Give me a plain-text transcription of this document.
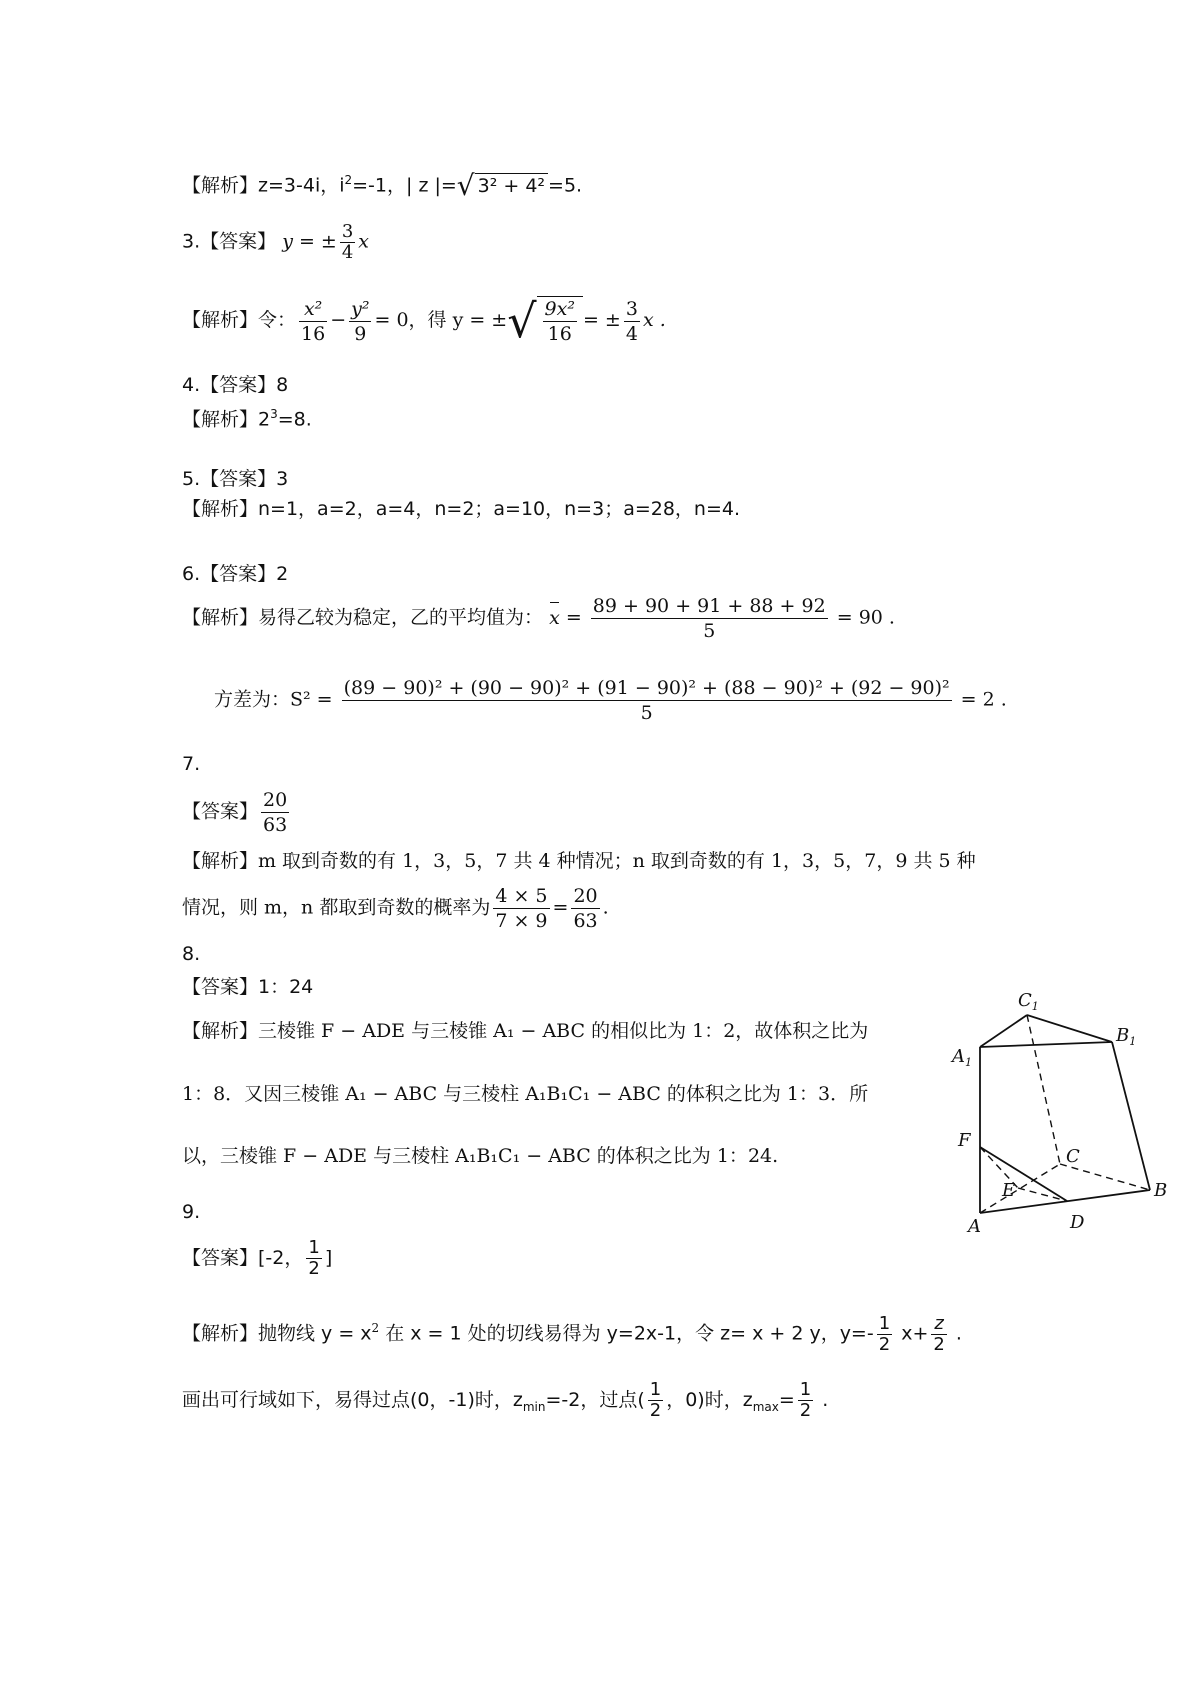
【解析】z=3-4i，$i^2=-1$，| z |=√ 3² + 4² =5.
3.【答案】 y = ± $\frac{3}{4}$ x
【解析】令： $\frac{\text{x²}}{16} - \frac{\text{y²}}{9} = 0$，得 y = ±√ $\frac{\text{9x²}}{16}$ = ± $\frac{3}{4}$ x .
4.【答案】8
【解析】$2^3=8$.
5.【答案】3
【解析】n=1，a=2，a=4，n=2；a=10，n=3；a=28，n=4.
6.【答案】2
【解析】易得乙较为稳定，乙的平均值为： $x = \frac{89 + 90 + 91 + 88 + 92}{5} = 90$ .
方差为：S² =
(89 − 90)² + (90 − 90)² + (91 − 90)² + (88 − 90)² + (92 − 90)²
5
= 2 .
7.
【答案】 $\frac{20}{63}$
【解析】m 取到奇数的有 1，3，5，7 共 4 种情况；n 取到奇数的有 1，3，5，7，9 共 5 种
情况，则 m，n 都取到奇数的概率为 $\frac{4 \times 5}{7 \times 9} = \frac{20}{63}$ .
8.
【答案】1：24
【解析】三棱锥 F − ADE 与三棱锥 A₁ − ABC 的相似比为 1：2，故体积之比为
1：8．又因三棱锥 A₁ − ABC 与三棱柱 A₁B₁C₁ − ABC 的体积之比为 1：3．所
以，三棱锥 F − ADE 与三棱柱 A₁B₁C₁ − ABC 的体积之比为 1：24.
$C_1$
$B_1$
$A_1$
F
C
E	B
A	D
9.
【答案】[-2， $\frac{1}{2}$ ]
【解析】抛物线 $y = x^2$ 在 x = 1 处的切线易得为 y=2x-1，令 z= x + 2 y，$y=- \frac{1}{2} x+ \frac{z}{2}$ .
画出可行域如下，易得过点(0，-1)时，$z_{min}=-2$，过点( $\frac{1}{2}$ ，0)时，$z_{max}= \frac{1}{2}$ .
